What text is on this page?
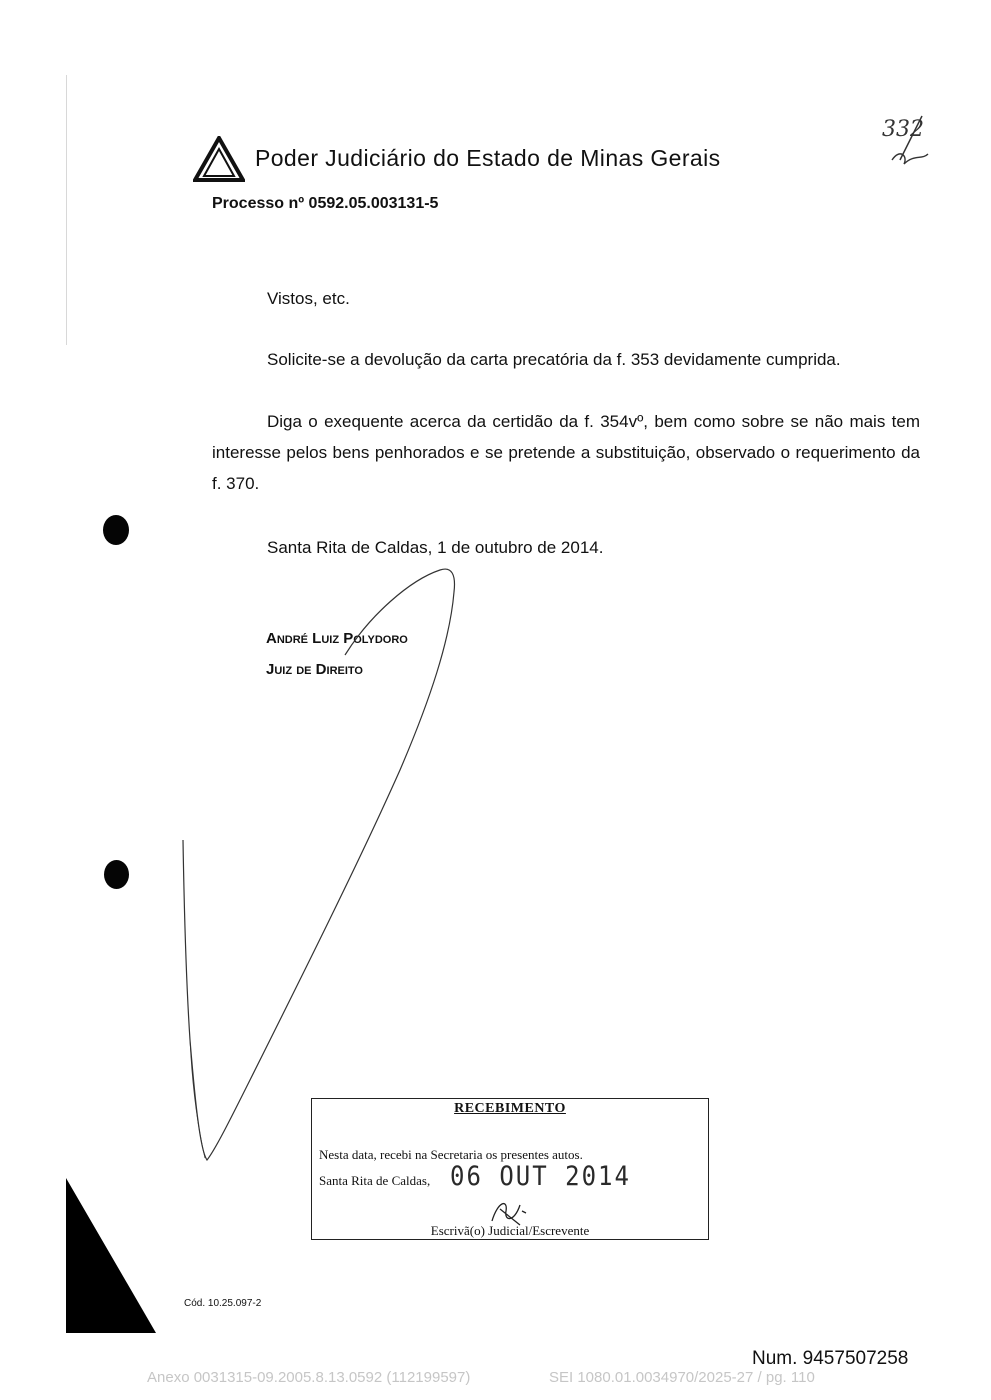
Poder Judiciário do Estado de Minas Gerais
Processo nº 0592.05.003131-5
332
Vistos, etc.
Solicite-se a devolução da carta precatória da f. 353 devidamente cumprida.
Diga o exequente acerca da certidão da f. 354vº, bem como sobre se não mais tem interesse pelos bens penhorados e se pretende a substituição, observado o requerimento da f. 370.
Santa Rita de Caldas, 1 de outubro de 2014.
André Luiz Polydoro
Juiz de Direito
RECEBIMENTO
Nesta data, recebi na Secretaria os presentes autos.
Santa Rita de Caldas, 06 OUT 2014
Escrivã(o) Judicial/Escrevente
Cód. 10.25.097-2
Num. 9457507258
Anexo 0031315-09.2005.8.13.0592 (112199597)	SEI 1080.01.0034970/2025-27 / pg. 110
